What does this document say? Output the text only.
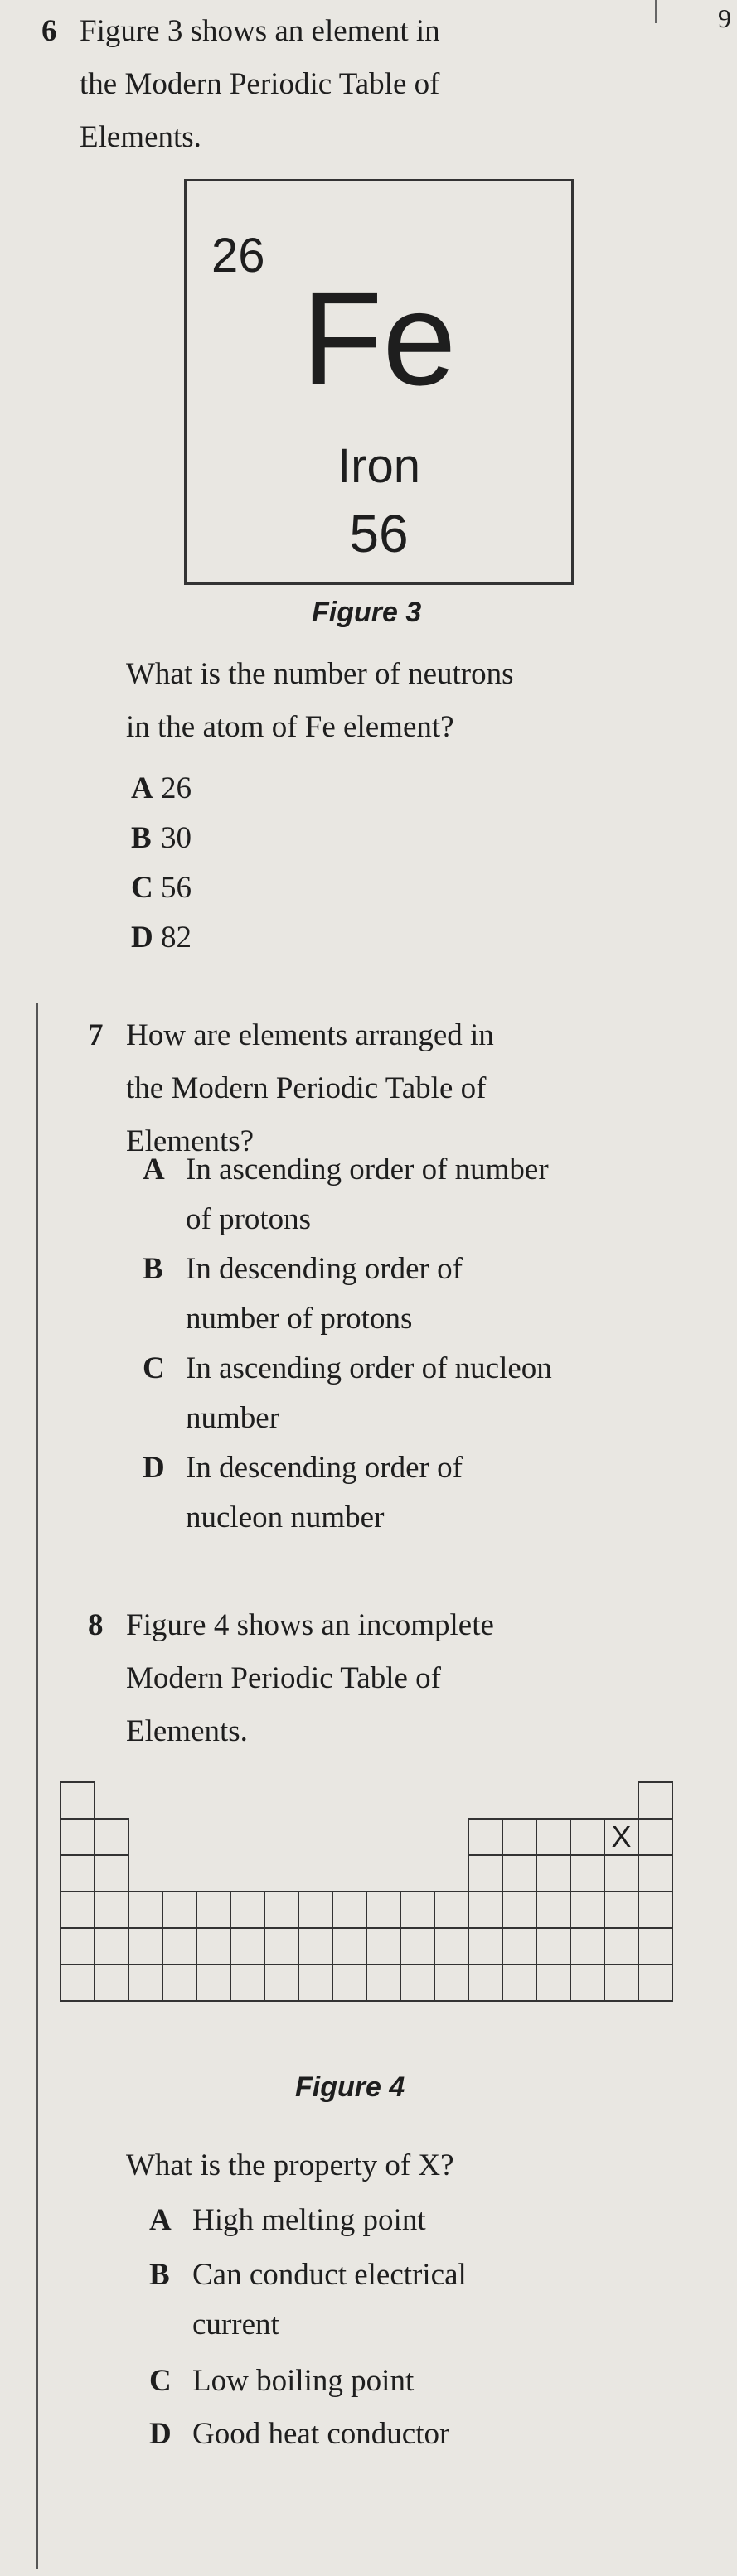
9
6 Figure 3 shows an element in
the Modern Periodic Table of
Elements.
26
Fe
Iron
56
Figure 3
What is the number of neutrons
in the atom of Fe element?
A 26
B 30
C 56
D 82
7 How are elements arranged in
the Modern Periodic Table of
Elements?
A In ascending order of number
of protons
B In descending order of
number of protons
C In ascending order of nucleon
number
D In descending order of
nucleon number
8 Figure 4 shows an incomplete
Modern Periodic Table of
Elements.
X
Figure 4
What is the property of X?
A High melting point
B Can conduct electrical
current
C Low boiling point
D Good heat conductor
